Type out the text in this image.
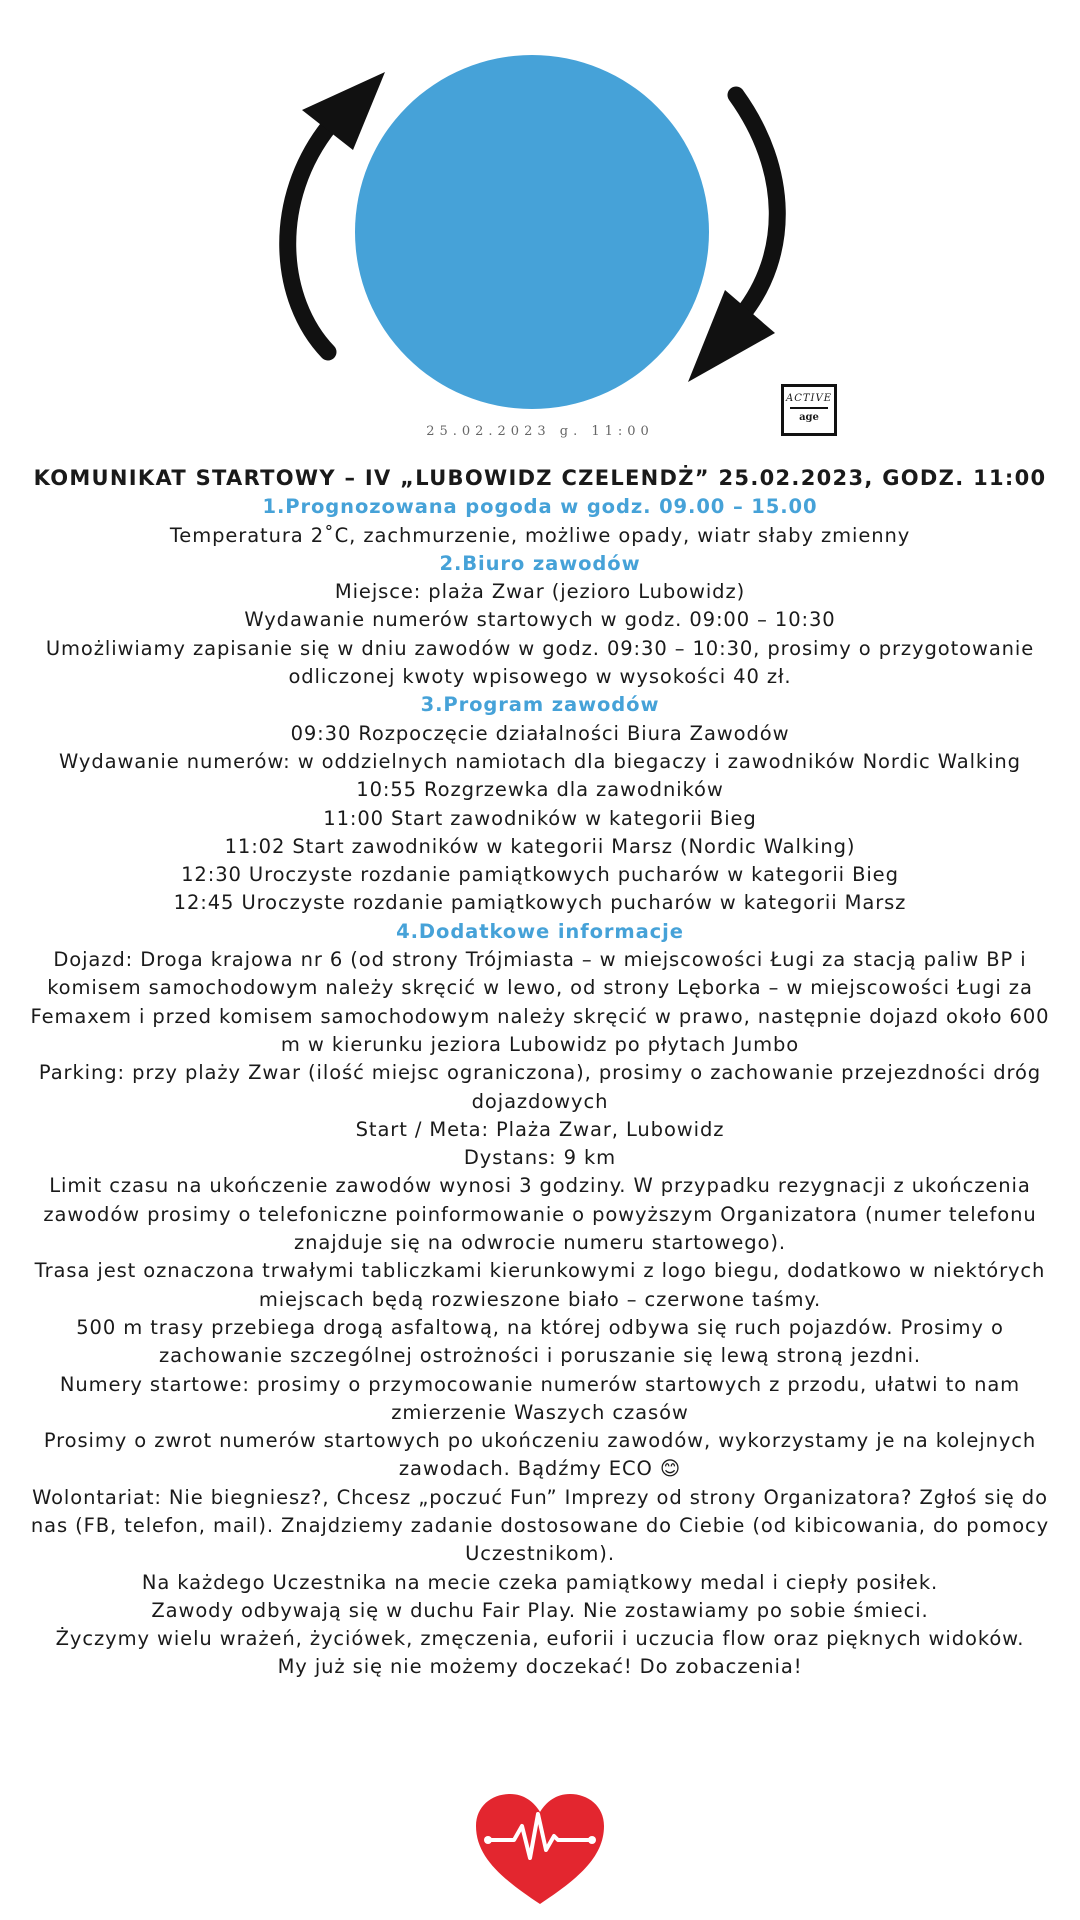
ACTIVE
age
25.02.2023 g. 11:00

KOMUNIKAT STARTOWY – IV „LUBOWIDZ CZELENDŻ” 25.02.2023, GODZ. 11:00

1.Prognozowana pogoda w godz. 09.00 – 15.00

Temperatura 2˚C, zachmurzenie, możliwe opady, wiatr słaby zmienny

2.Biuro zawodów

Miejsce: plaża Zwar (jezioro Lubowidz)

Wydawanie numerów startowych w godz. 09:00 – 10:30

Umożliwiamy zapisanie się w dniu zawodów w godz. 09:30 – 10:30, prosimy o przygotowanie odliczonej kwoty wpisowego w wysokości 40 zł.

3.Program zawodów

09:30 Rozpoczęcie działalności Biura Zawodów

Wydawanie numerów: w oddzielnych namiotach dla biegaczy i zawodników Nordic Walking

10:55 Rozgrzewka dla zawodników

11:00 Start zawodników w kategorii Bieg

11:02 Start zawodników w kategorii Marsz (Nordic Walking)

12:30 Uroczyste rozdanie pamiątkowych pucharów w kategorii Bieg

12:45 Uroczyste rozdanie pamiątkowych pucharów w kategorii Marsz

4.Dodatkowe informacje

Dojazd: Droga krajowa nr 6 (od strony Trójmiasta – w miejscowości Ługi za stacją paliw BP i komisem samochodowym należy skręcić w lewo, od strony Lęborka – w miejscowości Ługi za Femaxem i przed komisem samochodowym należy skręcić w prawo, następnie dojazd około 600 m w kierunku jeziora Lubowidz po płytach Jumbo

Parking: przy plaży Zwar (ilość miejsc ograniczona), prosimy o zachowanie przejezdności dróg dojazdowych

Start / Meta: Plaża Zwar, Lubowidz

Dystans: 9 km

Limit czasu na ukończenie zawodów wynosi 3 godziny. W przypadku rezygnacji z ukończenia zawodów prosimy o telefoniczne poinformowanie o powyższym Organizatora (numer telefonu znajduje się na odwrocie numeru startowego).

Trasa jest oznaczona trwałymi tabliczkami kierunkowymi z logo biegu, dodatkowo w niektórych miejscach będą rozwieszone biało – czerwone taśmy.

500 m trasy przebiega drogą asfaltową, na której odbywa się ruch pojazdów. Prosimy o zachowanie szczególnej ostrożności i poruszanie się lewą stroną jezdni.

Numery startowe: prosimy o przymocowanie numerów startowych z przodu, ułatwi to nam zmierzenie Waszych czasów

Prosimy o zwrot numerów startowych po ukończeniu zawodów, wykorzystamy je na kolejnych zawodach. Bądźmy ECO 😊

Wolontariat: Nie biegniesz?, Chcesz „poczuć Fun” Imprezy od strony Organizatora? Zgłoś się do nas (FB, telefon, mail). Znajdziemy zadanie dostosowane do Ciebie (od kibicowania, do pomocy Uczestnikom).

Na każdego Uczestnika na mecie czeka pamiątkowy medal i ciepły posiłek.

Zawody odbywają się w duchu Fair Play. Nie zostawiamy po sobie śmieci.

Życzymy wielu wrażeń, życiówek, zmęczenia, euforii i uczucia flow oraz pięknych widoków.

My już się nie możemy doczekać! Do zobaczenia!
